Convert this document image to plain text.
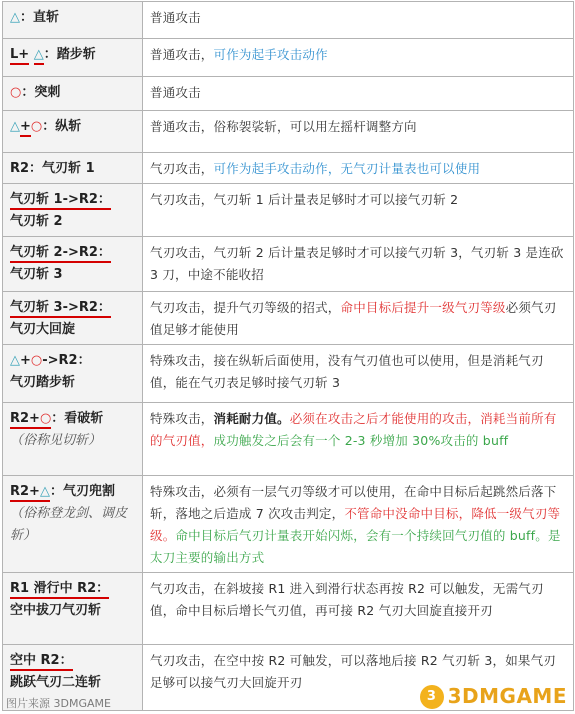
△：直斩	普通攻击
L+ △：踏步斩	普通攻击，可作为起手攻击动作
○：突刺	普通攻击
△+○：纵斩	普通攻击，俗称袈裟斩，可以用左摇杆调整方向
R2：气刃斩 1	气刃攻击，可作为起手攻击动作，无气刃计量表也可以使用
气刃斩 1->R2：
气刃斩 2	气刃攻击，气刃斩 1 后计量表足够时才可以接气刃斩 2
气刃斩 2->R2：
气刃斩 3	气刃攻击，气刃斩 2 后计量表足够时才可以接气刃斩 3，气刃斩 3 是连砍 3 刀，中途不能收招
气刃斩 3->R2：
气刃大回旋	气刃攻击，提升气刃等级的招式，命中目标后提升一级气刃等级必须气刃值足够才能使用
△+○->R2：
气刃踏步斩	特殊攻击，接在纵斩后面使用，没有气刃值也可以使用，但是消耗气刃值，能在气刃表足够时接气刃斩 3
R2+○：看破斩
（俗称见切斩）	特殊攻击，消耗耐力值。必须在攻击之后才能使用的攻击，消耗当前所有的气刃值，成功触发之后会有一个 2-3 秒增加 30%攻击的 buff
R2+△：气刃兜割
（俗称登龙剑、调皮斩）	特殊攻击，必须有一层气刃等级才可以使用，在命中目标后起跳然后落下斩，落地之后造成 7 次攻击判定，不管命中没命中目标，降低一级气刃等级。命中目标后气刃计量表开始闪烁，会有一个持续回气刃值的 buff。是太刀主要的输出方式
R1 滑行中 R2：
空中拔刀气刃斩	气刃攻击，在斜坡接 R1 进入到滑行状态再按 R2 可以触发，无需气刃值，命中目标后增长气刃值，再可接 R2 气刃大回旋直接开刃
空中 R2：
跳跃气刃二连斩	气刃攻击，在空中按 R2 可触发，可以落地后接 R2 气刃斩 3，如果气刃足够可以接气刃大回旋开刃
图片来源 3DMGAME	3 3DMGAME
